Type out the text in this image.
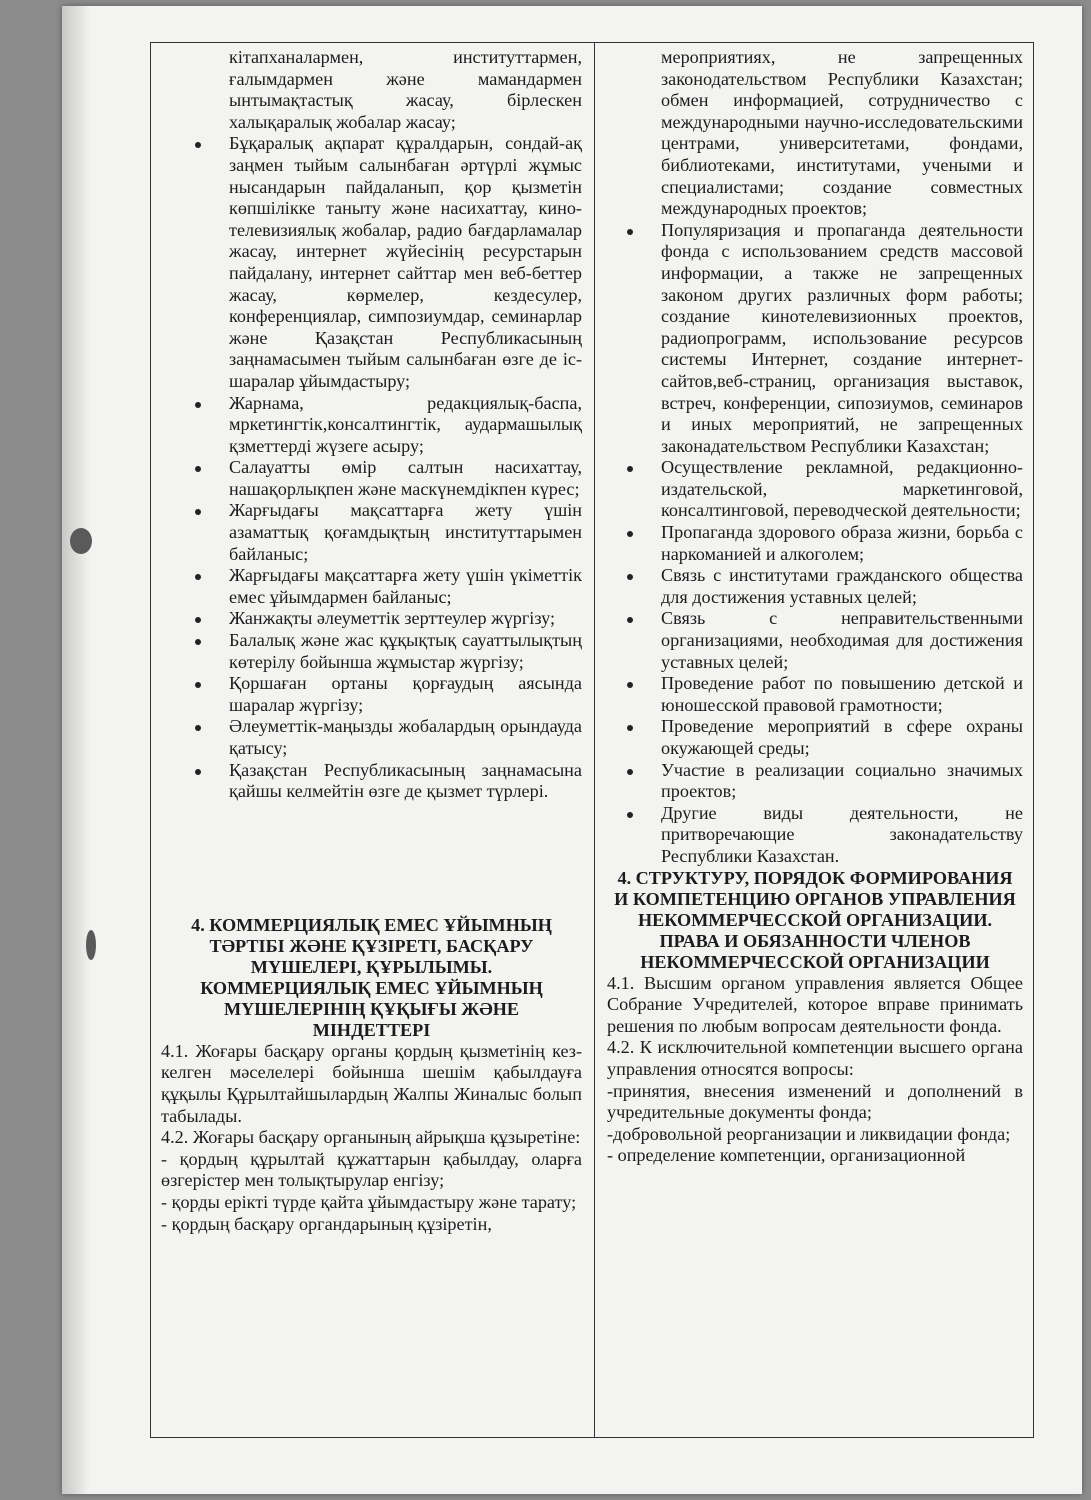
кітапханалармен, институттармен, ғалымдармен және мамандармен ынтымақтастық жасау, бірлескен халықаралық жобалар жасау;
Бұқаралық ақпарат құралдарын, сондай-ақ заңмен тыйым салынбаған әртүрлі жұмыс нысандарын пайдаланып, қор қызметін көпшілікке таныту және насихаттау, кино-телевизиялық жобалар, радио бағдарламалар жасау, интернет жүйесінің ресурстарын пайдалану, интернет сайттар мен веб-беттер жасау, көрмелер, кездесулер, конференциялар, симпозиумдар, семинарлар және Қазақстан Республикасының заңнамасымен тыйым салынбаған өзге де іс-шаралар ұйымдастыру;
Жарнама, редакциялық-баспа, мркетингтік,консалтингтік, аудармашылық қзметтерді жүзеге асыру;
Салауатты өмір салтын насихаттау, нашақорлықпен және маскүнемдікпен күрес;
Жарғыдағы мақсаттарға жету үшін азаматтық қоғамдықтың институттарымен байланыс;
Жарғыдағы мақсаттарға жету үшін үкіметтік емес ұйымдармен байланыс;
Жанжақты әлеуметтік зерттеулер жүргізу;
Балалық және жас құқықтық сауаттылықтың көтерілу бойынша жұмыстар жүргізу;
Қоршаған ортаны қорғаудың аясында шаралар жүргізу;
Әлеуметтік-маңызды жобалардың орындауда қатысу;
Қазақстан Республикасының заңнамасына қайшы келмейтін өзге де қызмет түрлері.
4. КОММЕРЦИЯЛЫҚ ЕМЕС ҰЙЫМНЫҢ ТӘРТІБІ ЖӘНЕ ҚҰЗІРЕТІ, БАСҚАРУ МҮШЕЛЕРІ, ҚҰРЫЛЫМЫ. КОММЕРЦИЯЛЫҚ ЕМЕС ҰЙЫМНЫҢ МҮШЕЛЕРІНІҢ ҚҰҚЫҒЫ ЖӘНЕ МІНДЕТТЕРІ

4.1. Жоғары басқару органы қордың қызметінің кез-келген мәселелері бойынша шешім қабылдауға құқылы Құрылтайшылардың Жалпы Жиналыс болып табылады.

4.2. Жоғары басқару органының айрықша құзыретіне:

- қордың құрылтай құжаттарын қабылдау, оларға өзгерістер мен толықтырулар енгізу;

- қорды ерікті түрде қайта ұйымдастыру және тарату;

- қордың басқару органдарының құзіретін,

мероприятиях, не запрещенных законодательством Республики Казахстан; обмен информацией, сотрудничество с международными научно-исследовательскими центрами, университетами, фондами, библиотеками, институтами, учеными и специалистами; создание совместных международных проектов;
Популяризация и пропаганда деятельности фонда с использованием средств массовой информации, а также не запрещенных законом других различных форм работы; создание кинотелевизионных проектов, радиопрограмм, использование ресурсов системы Интернет, создание интернет-сайтов,веб-страниц, организация выставок, встреч, конференции, сипозиумов, семинаров и иных мероприятий, не запрещенных законадательством Республики Казахстан;
Осуществление рекламной, редакционно-издательской, маркетинговой, консалтинговой, переводческой деятельности;
Пропаганда здорового образа жизни, борьба с наркоманией и алкоголем;
Связь с институтами гражданского общества для достижения уставных целей;
Связь с неправительственными организациями, необходимая для достижения уставных целей;
Проведение работ по повышению детской и юношесской правовой грамотности;
Проведение мероприятий в сфере охраны окужающей среды;
Участие в реализации социально значимых проектов;
Другие виды деятельности, не притворечающие законадательству Республики Казахстан.
4. СТРУКТУРУ, ПОРЯДОК ФОРМИРОВАНИЯ И КОМПЕТЕНЦИЮ ОРГАНОВ УПРАВЛЕНИЯ НЕКОММЕРЧЕССКОЙ ОРГАНИЗАЦИИ. ПРАВА И ОБЯЗАННОСТИ ЧЛЕНОВ НЕКОММЕРЧЕССКОЙ ОРГАНИЗАЦИИ

4.1. Высшим органом управления является Общее Собрание Учредителей, которое вправе принимать решения по любым вопросам деятельности фонда.

4.2. К исключительной компетенции высшего органа управления относятся вопросы:

-принятия, внесения изменений и дополнений в учредительные документы фонда;

-добровольной реорганизации и ликвидации фонда;

- определение компетенции, организационной
